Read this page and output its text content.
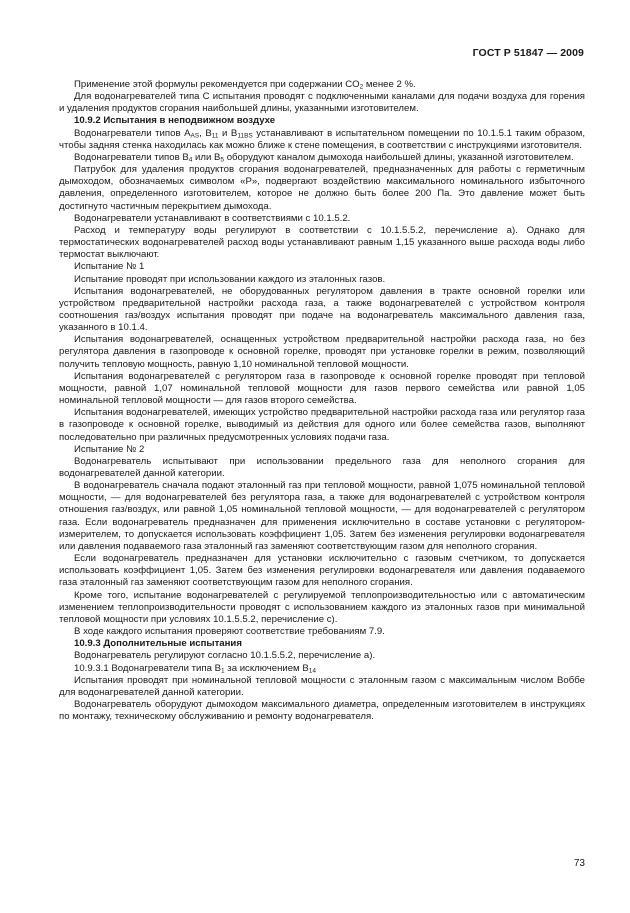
ГОСТ Р 51847 — 2009

Применение этой формулы рекомендуется при содержании $CO_2$ менее 2 %.

Для водонагревателей типа C испытания проводят с подключенными каналами для подачи воздуха для горения и удаления продуктов сгорания наибольшей длины, указанными изготовителем.

10.9.2 Испытания в неподвижном воздухе

Водонагреватели типов $А_{AS}$, $B_{11}$ и $B_{11BS}$ устанавливают в испытательном помещении по 10.1.5.1 таким образом, чтобы задняя стенка находилась как можно ближе к стене помещения, в соответствии с инструкциями изготовителя.

Водонагреватели типов $B_4$ или $B_5$ оборудуют каналом дымохода наибольшей длины, указанной изготовителем.

Патрубок для удаления продуктов сгорания водонагревателей, предназначенных для работы с герметичным дымоходом, обозначаемых символом «P», подвергают воздействию максимального номинального избыточного давления, определенного изготовителем, которое не должно быть более 200 Па. Это давление может быть достигнуто частичным перекрытием дымохода.

Водонагреватели устанавливают в соответствиями с 10.1.5.2.

Расход и температуру воды регулируют в соответствии с 10.1.5.5.2, перечисление а). Однако для термостатических водонагревателей расход воды устанавливают равным 1,15 указанного выше расхода воды либо термостат выключают.

Испытание № 1

Испытание проводят при использовании каждого из эталонных газов.

Испытания водонагревателей, не оборудованных регулятором давления в тракте основной горелки или устройством предварительной настройки расхода газа, а также водонагревателей с устройством контроля соотношения газ/воздух испытания проводят при подаче на водонагреватель максимального давления газа, указанного в 10.1.4.

Испытания водонагревателей, оснащенных устройством предварительной настройки расхода газа, но без регулятора давления в газопроводе к основной горелке, проводят при установке горелки в режим, позволяющий получить тепловую мощность, равную 1,10 номинальной тепловой мощности.

Испытания водонагревателей с регулятором газа в газопроводе к основной горелке проводят при тепловой мощности, равной 1,07 номинальной тепловой мощности для газов первого семейства или равной 1,05 номинальной тепловой мощности — для газов второго семейства.

Испытания водонагревателей, имеющих устройство предварительной настройки расхода газа или регулятор газа в газопроводе к основной горелке, выводимый из действия для одного или более семейства газов, выполняют последовательно при различных предусмотренных условиях подачи газа.

Испытание № 2

Водонагреватель испытывают при использовании предельного газа для неполного сгорания для водонагревателей данной категории.

В водонагреватель сначала подают эталонный газ при тепловой мощности, равной 1,075 номинальной тепловой мощности, — для водонагревателей без регулятора газа, а также для водонагревателей с устройством контроля отношения газ/воздух, или равной 1,05 номинальной тепловой мощности, — для водонагревателей с регулятором газа. Если водонагреватель предназначен для применения исключительно в составе установки с регулятором-измерителем, то допускается использовать коэффициент 1,05. Затем без изменения регулировки водонагревателя или давления подаваемого газа эталонный газ заменяют соответствующим газом для неполного сгорания.

Если водонагреватель предназначен для установки исключительно с газовым счетчиком, то допускается использовать коэффициент 1,05. Затем без изменения регулировки водонагревателя или давления подаваемого газа эталонный газ заменяют соответствующим газом для неполного сгорания.

Кроме того, испытание водонагревателей с регулируемой теплопроизводительностью или с автоматическим изменением теплопроизводительности проводят с использованием каждого из эталонных газов при минимальной тепловой мощности при условиях 10.1.5.5.2, перечисление с).

В ходе каждого испытания проверяют соответствие требованиям 7.9.

10.9.3 Дополнительные испытания

Водонагреватель регулируют согласно 10.1.5.5.2, перечисление а).

10.9.3.1 Водонагреватели типа $B_1$ за исключением $B_{14}$

Испытания проводят при номинальной тепловой мощности с эталонным газом с максимальным числом Воббе для водонагревателей данной категории.

Водонагреватель оборудуют дымоходом максимального диаметра, определенным изготовителем в инструкциях по монтажу, техническому обслуживанию и ремонту водонагревателя.

73
